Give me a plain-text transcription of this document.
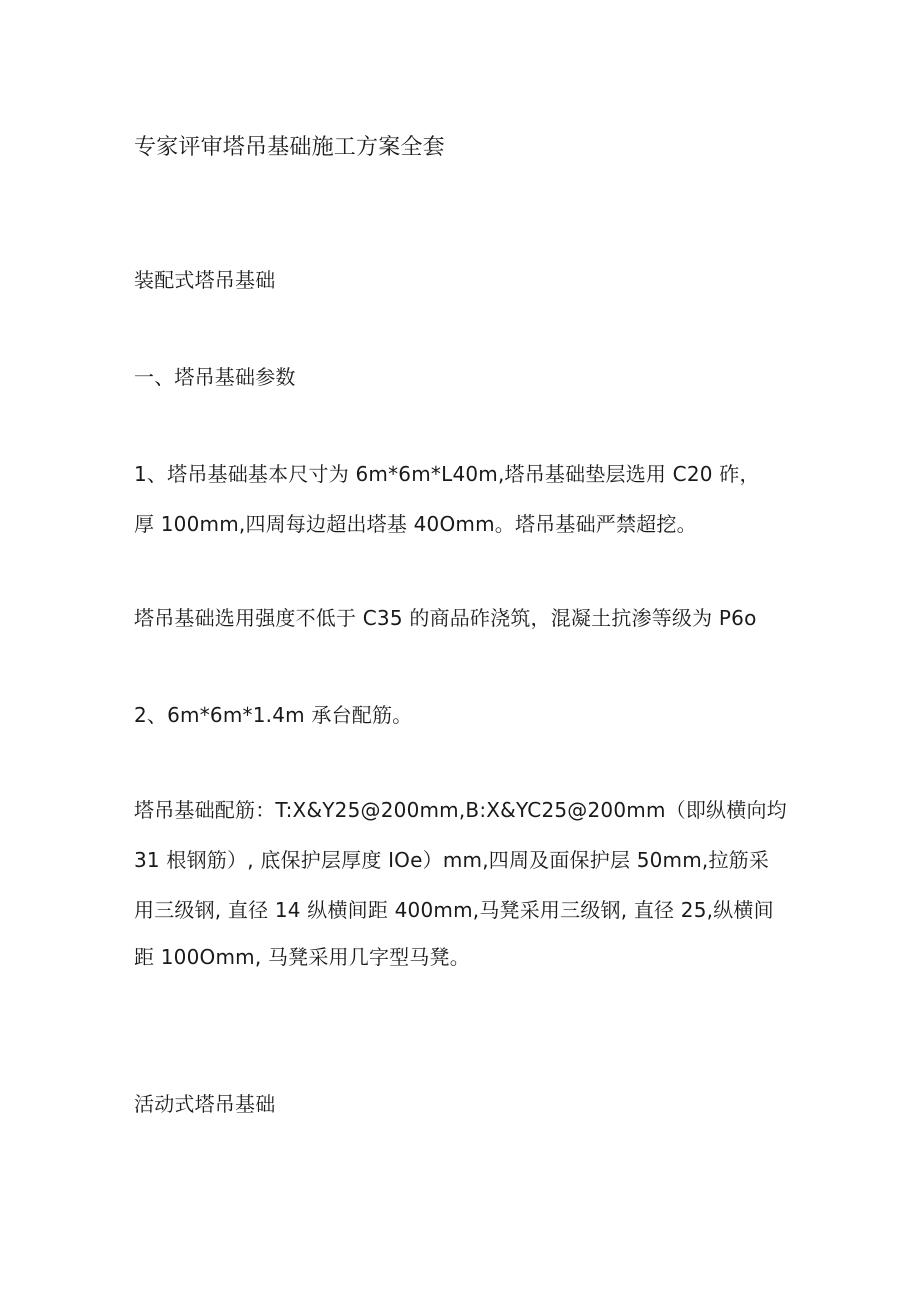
专家评审塔吊基础施工方案全套
装配式塔吊基础
一、塔吊基础参数
1、塔吊基础基本尺寸为 6m*6m*L40m,塔吊基础垫层选用 C20 砟，
厚 100mm,四周每边超出塔基 40Omm。塔吊基础严禁超挖。
塔吊基础选用强度不低于 C35 的商品砟浇筑，混凝土抗渗等级为 P6o
2、6m*6m*1.4m 承台配筋。
塔吊基础配筋：T:X&Y25@200mm,B:X&YC25@200mm（即纵横向均
31 根钢筋）, 底保护层厚度 IOe）mm,四周及面保护层 50mm,拉筋采
用三级钢, 直径 14 纵横间距 400mm,马凳采用三级钢, 直径 25,纵横间
距 100Omm, 马凳采用几字型马凳。
活动式塔吊基础
